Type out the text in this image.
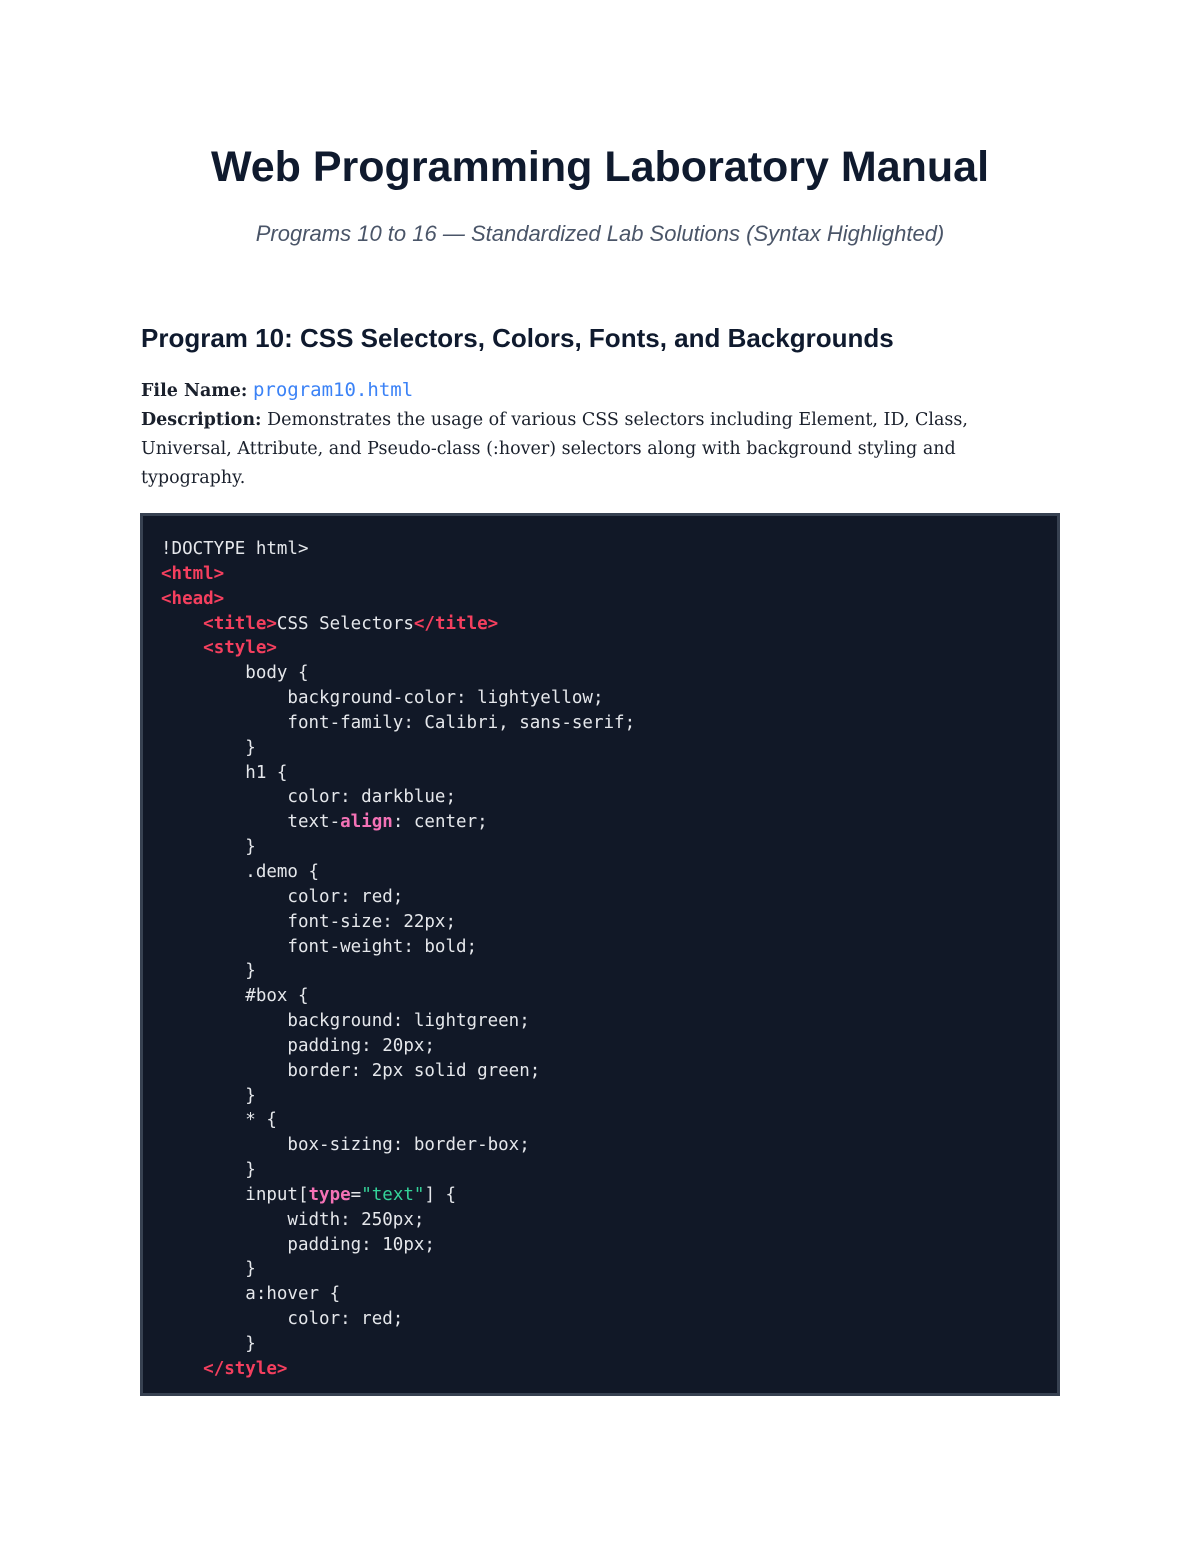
Web Programming Laboratory Manual
Programs 10 to 16 — Standardized Lab Solutions (Syntax Highlighted)
Program 10: CSS Selectors, Colors, Fonts, and Backgrounds
File Name: program10.html
Description: Demonstrates the usage of various CSS selectors including Element, ID, Class, Universal, Attribute, and Pseudo-class (:hover) selectors along with background styling and typography.
!DOCTYPE html>
<html>
<head>
<title>CSS Selectors</title>
<style>
body {
background-color: lightyellow;
font-family: Calibri, sans-serif;
}
h1 {
color: darkblue;
text-align: center;
}
.demo {
color: red;
font-size: 22px;
font-weight: bold;
}
#box {
background: lightgreen;
padding: 20px;
border: 2px solid green;
}
* {
box-sizing: border-box;
}
input[type="text"] {
width: 250px;
padding: 10px;
}
a:hover {
color: red;
}
</style>
